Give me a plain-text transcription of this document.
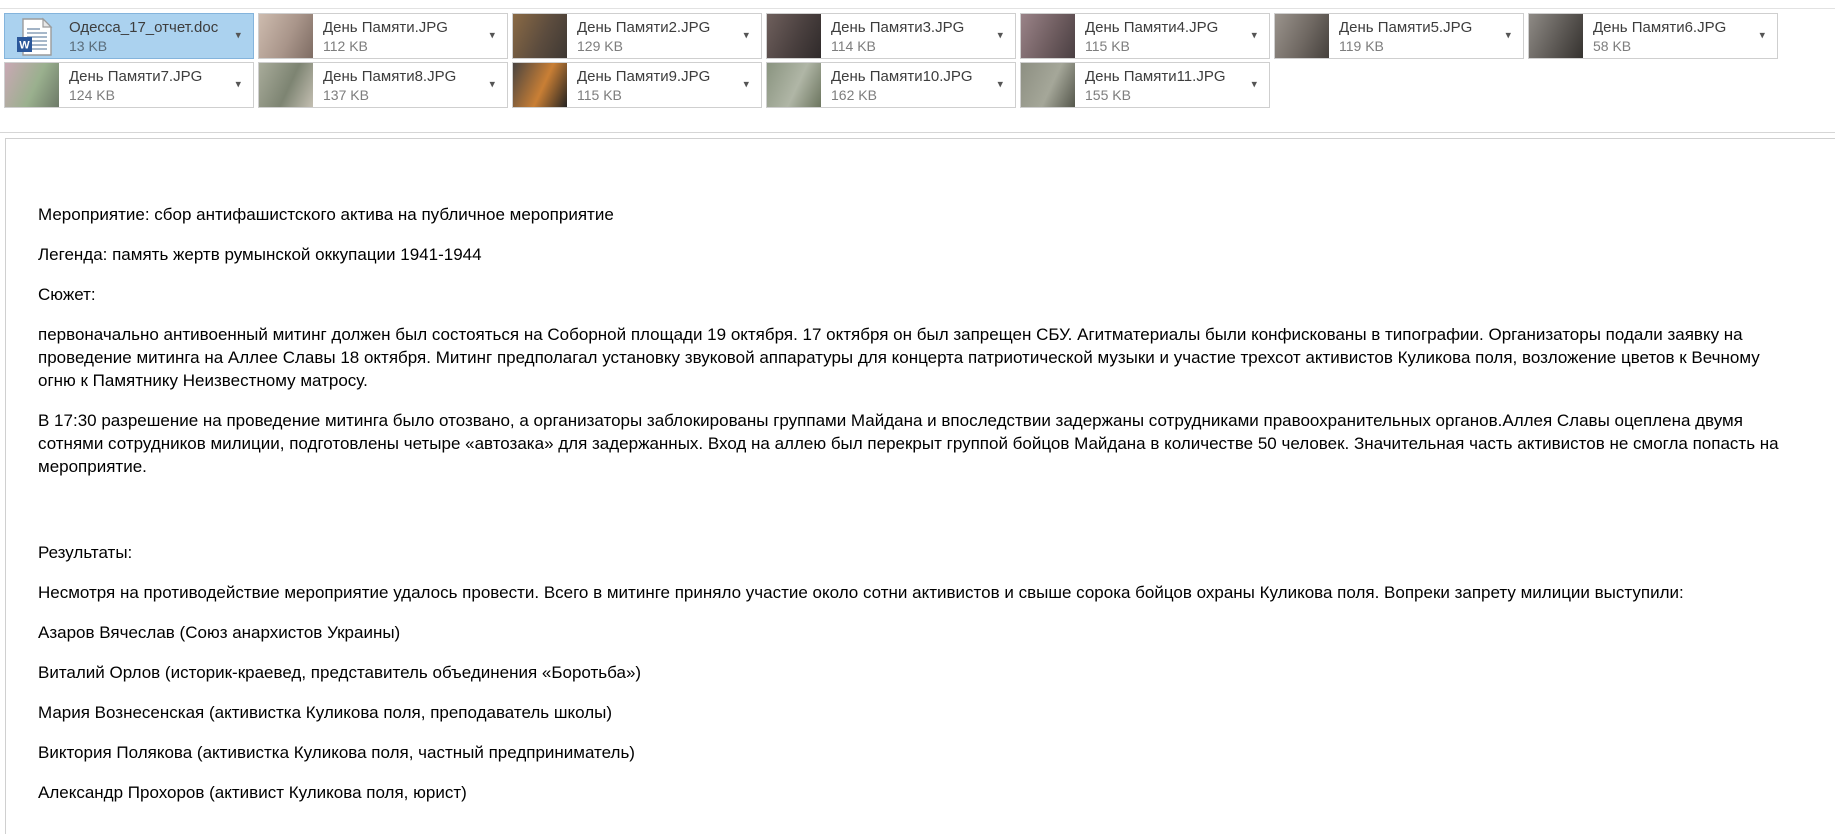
W
Одесса_17_отчет.doc
13 KB
▾	День Памяти.JPG
112 KB
▾	День Памяти2.JPG
129 KB
▾	День Памяти3.JPG
114 KB
▾	День Памяти4.JPG
115 KB
▾	День Памяти5.JPG
119 KB
▾	День Памяти6.JPG
58 KB
▾
День Памяти7.JPG
124 KB
▾	День Памяти8.JPG
137 KB
▾	День Памяти9.JPG
115 KB
▾	День Памяти10.JPG
162 KB
▾	День Памяти11.JPG
155 KB
▾

Мероприятие: сбор антифашистского актива на публичное мероприятие

Легенда: память жертв румынской оккупации 1941-1944

Сюжет:

первоначально антивоенный митинг должен был состояться на Соборной площади 19 октября. 17 октября он был запрещен СБУ. Агитматериалы были конфискованы в типографии. Организаторы подали заявку на проведение митинга на Аллее Славы 18 октября. Митинг предполагал установку звуковой аппаратуры для концерта патриотической музыки и участие трехсот активистов Куликова поля, возложение цветов к Вечному огню к Памятнику Неизвестному матросу.

В 17:30 разрешение на проведение митинга было отозвано, а организаторы заблокированы группами Майдана и впоследствии задержаны сотрудниками правоохранительных органов.Аллея Славы оцеплена двумя сотнями сотрудников милиции, подготовлены четыре «автозака» для задержанных. Вход на аллею был перекрыт группой бойцов Майдана в количестве 50 человек. Значительная часть активистов не смогла попасть на мероприятие.

Результаты:

Несмотря на противодействие мероприятие удалось провести. Всего в митинге приняло участие около сотни активистов и свыше сорока бойцов охраны Куликова поля. Вопреки запрету милиции выступили:

Азаров Вячеслав (Союз анархистов Украины)

Виталий Орлов (историк-краевед, представитель объединения «Боротьба»)

Мария Вознесенская (активистка Куликова поля, преподаватель школы)

Виктория Полякова (активистка Куликова поля, частный предприниматель)

Александр Прохоров (активист Куликова поля, юрист)
